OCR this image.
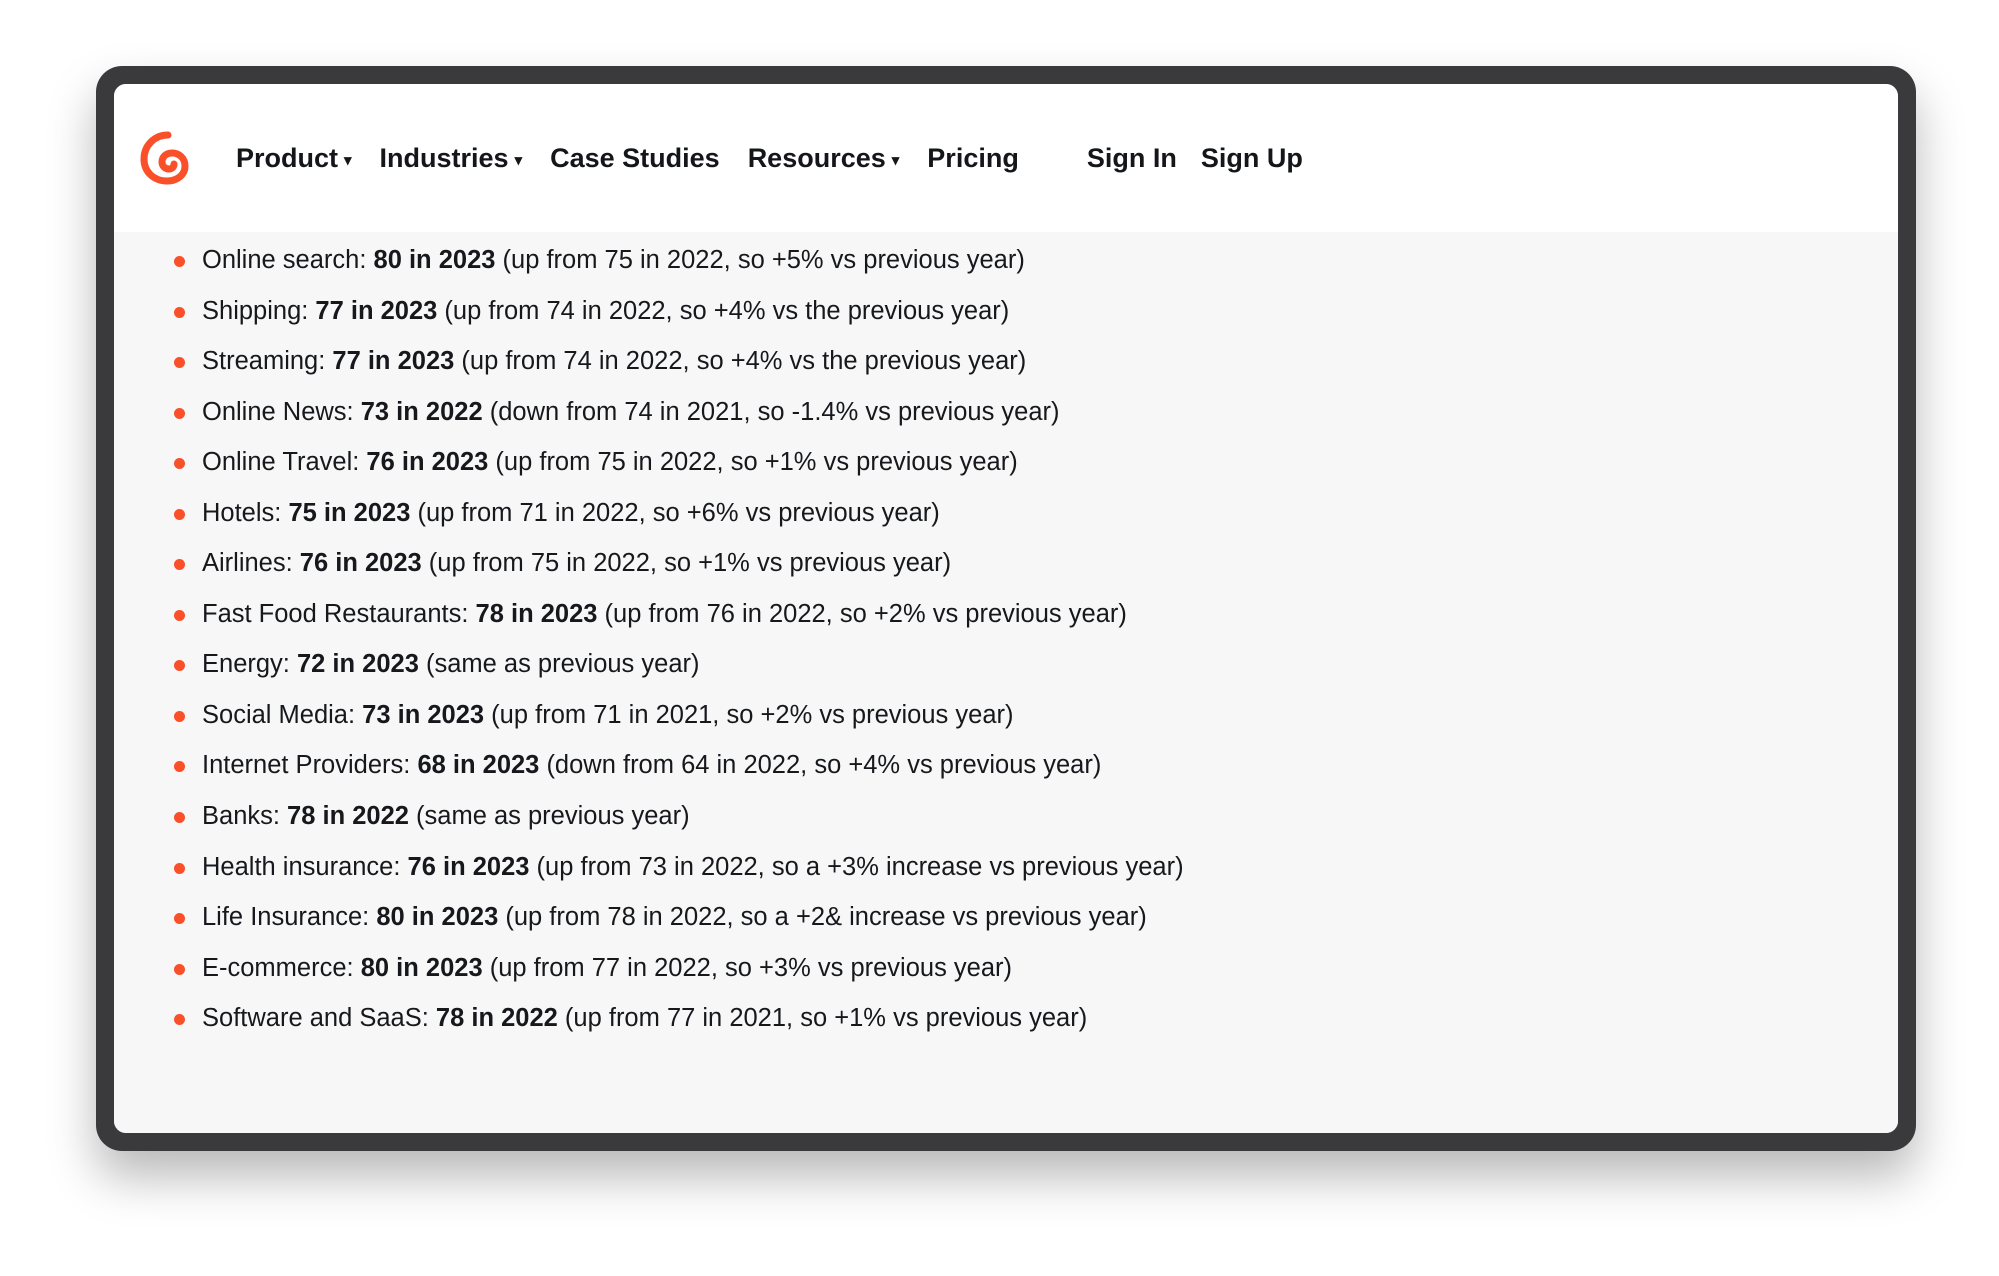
Product ▾ Industries ▾ Case Studies Resources ▾ Pricing	Sign In Sign Up
Online search: 80 in 2023 (up from 75 in 2022, so +5% vs previous year)
Shipping: 77 in 2023 (up from 74 in 2022, so +4% vs the previous year)
Streaming: 77 in 2023 (up from 74 in 2022, so +4% vs the previous year)
Online News: 73 in 2022 (down from 74 in 2021, so -1.4% vs previous year)
Online Travel: 76 in 2023 (up from 75 in 2022, so +1% vs previous year)
Hotels: 75 in 2023 (up from 71 in 2022, so +6% vs previous year)
Airlines: 76 in 2023 (up from 75 in 2022, so +1% vs previous year)
Fast Food Restaurants: 78 in 2023 (up from 76 in 2022, so +2% vs previous year)
Energy: 72 in 2023 (same as previous year)
Social Media: 73 in 2023 (up from 71 in 2021, so +2% vs previous year)
Internet Providers: 68 in 2023 (down from 64 in 2022, so +4% vs previous year)
Banks: 78 in 2022 (same as previous year)
Health insurance: 76 in 2023 (up from 73 in 2022, so a +3% increase vs previous year)
Life Insurance: 80 in 2023 (up from 78 in 2022, so a +2& increase vs previous year)
E-commerce: 80 in 2023 (up from 77 in 2022, so +3% vs previous year)
Software and SaaS: 78 in 2022 (up from 77 in 2021, so +1% vs previous year)
